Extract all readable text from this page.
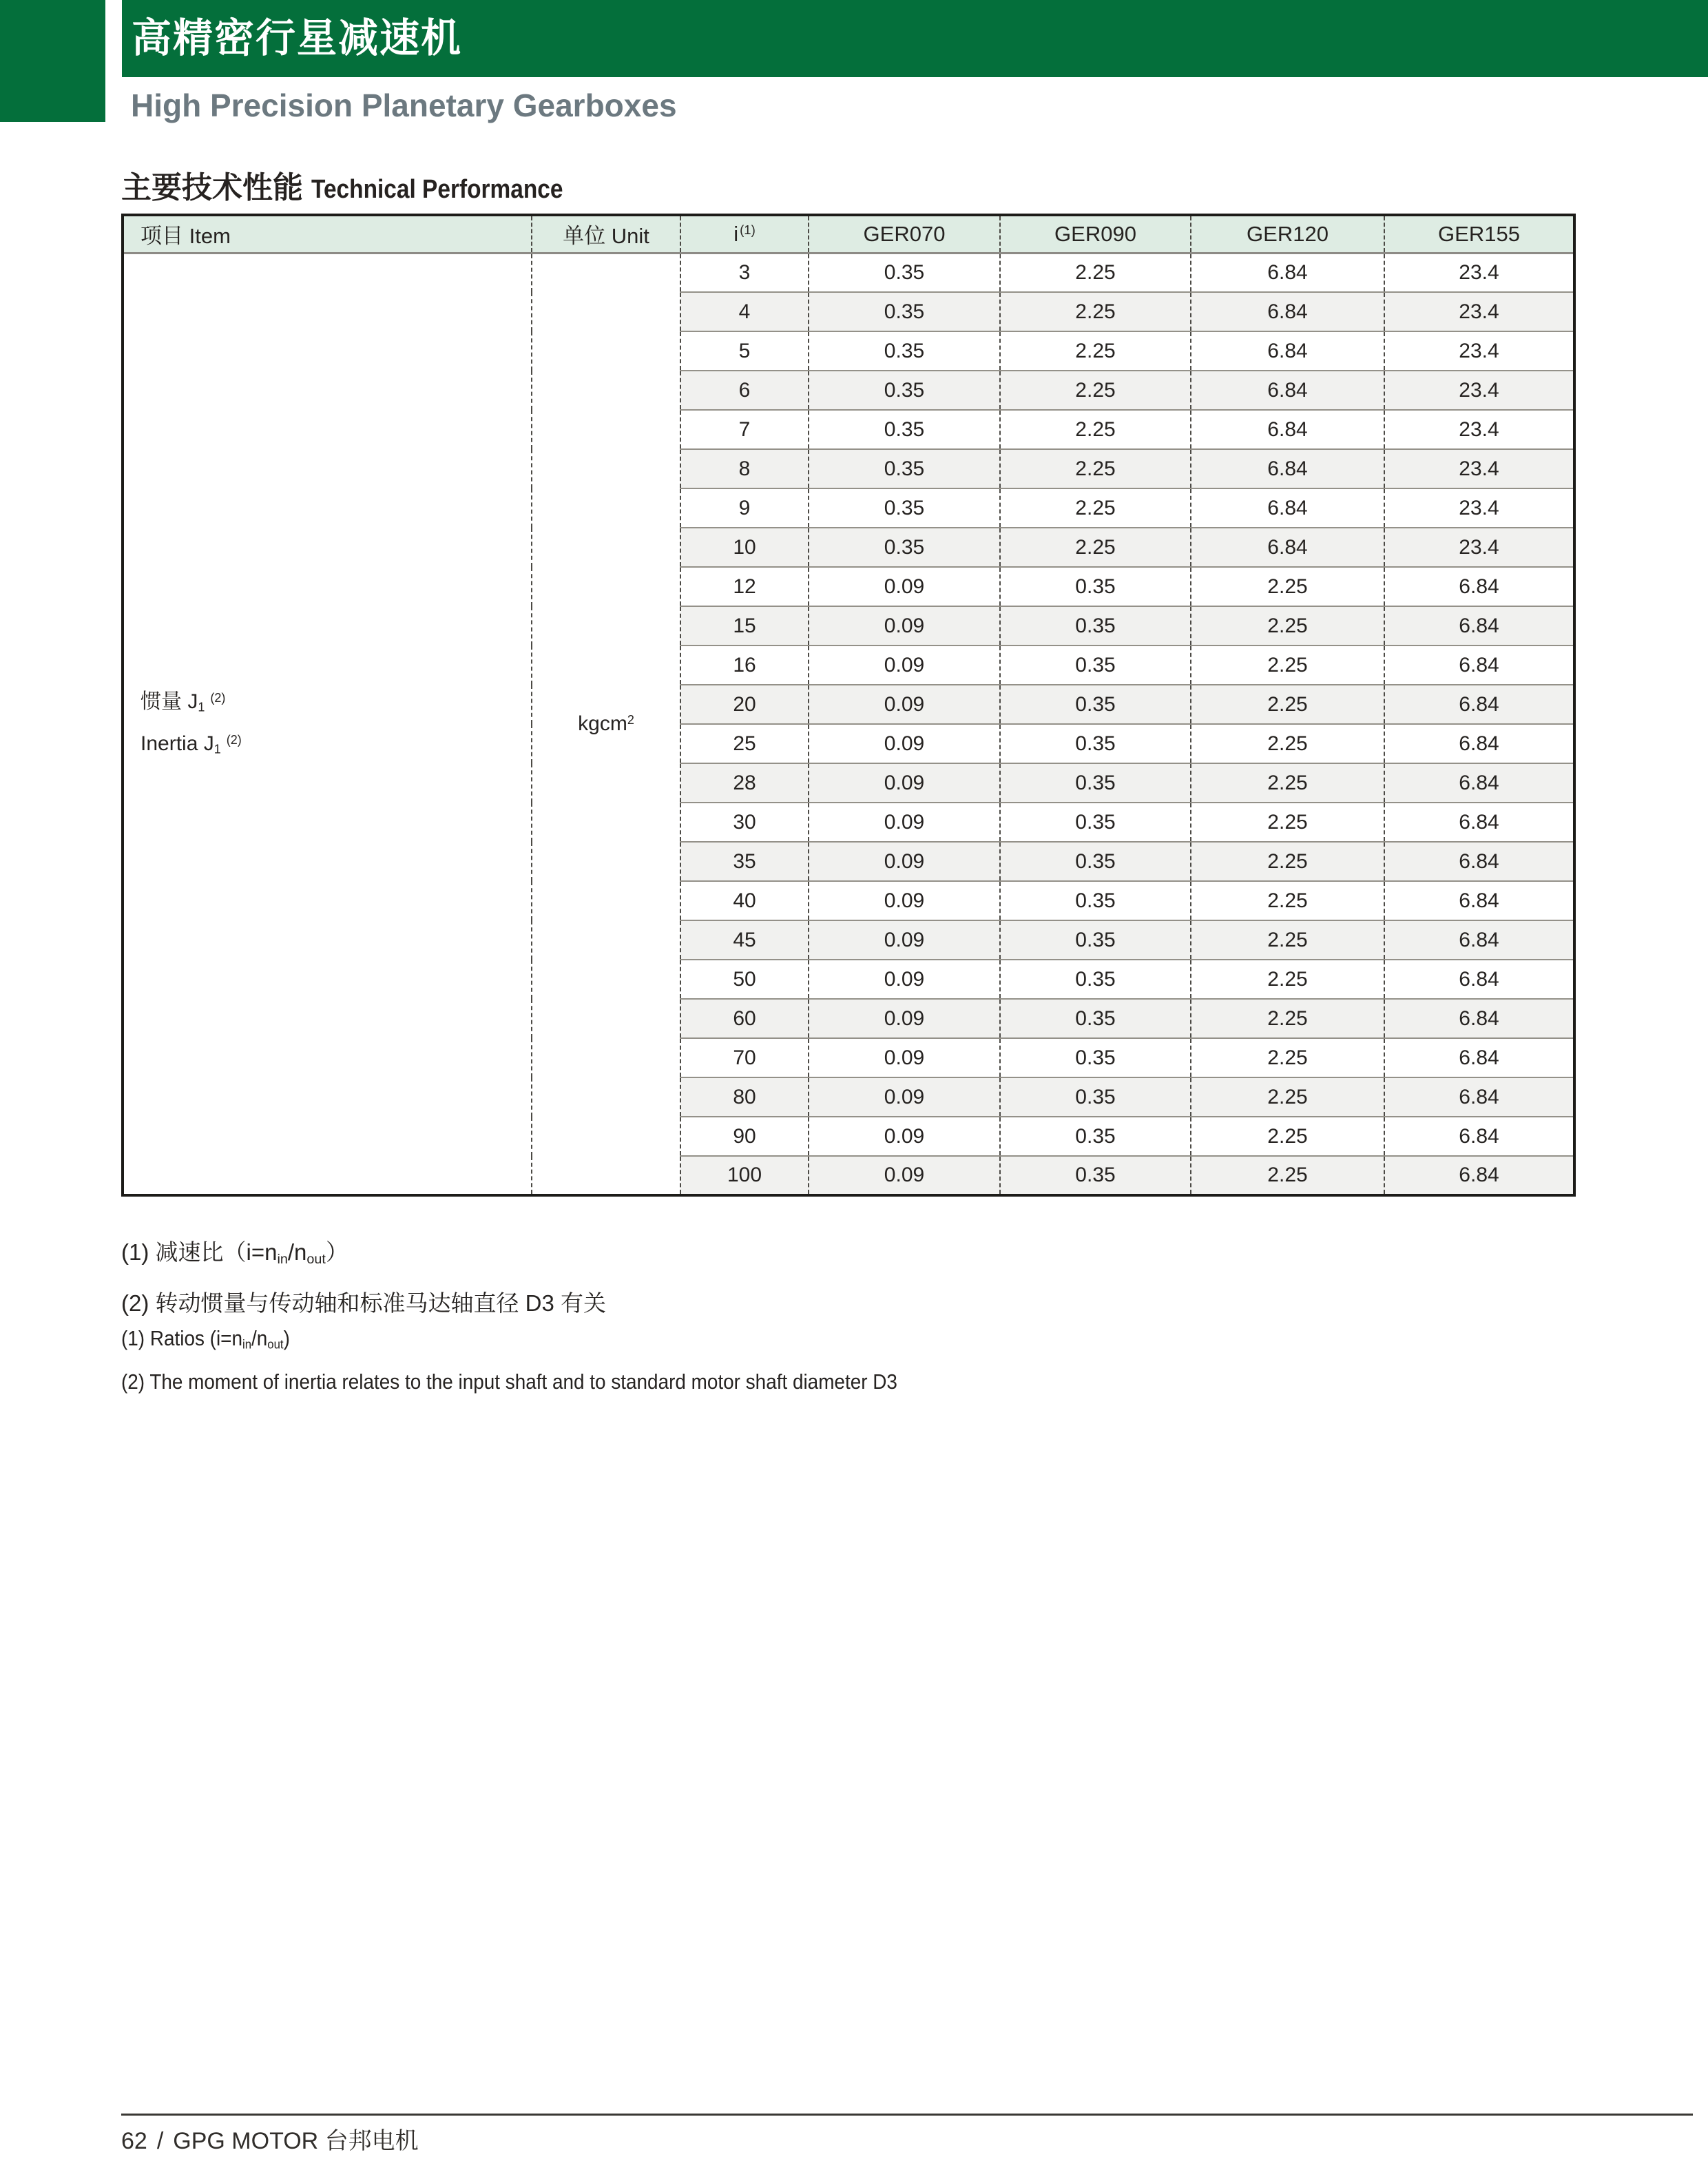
高精密行星减速机
High Precision Planetary Gearboxes
主要技术性能 Technical Performance
项目 Item	单位 Unit	i $^{(1)}$	GER070	GER090	GER120	GER155

惯量 $J_1^{(2)}$
Inertia $J_1^{(2)}$	kgcm$^2$	3	0.35	2.25	6.84	23.4
		4	0.35	2.25	6.84	23.4
		5	0.35	2.25	6.84	23.4
		6	0.35	2.25	6.84	23.4
		7	0.35	2.25	6.84	23.4
		8	0.35	2.25	6.84	23.4
		9	0.35	2.25	6.84	23.4
		10	0.35	2.25	6.84	23.4
		12	0.09	0.35	2.25	6.84
		15	0.09	0.35	2.25	6.84
		16	0.09	0.35	2.25	6.84
		20	0.09	0.35	2.25	6.84
		25	0.09	0.35	2.25	6.84
		28	0.09	0.35	2.25	6.84
		30	0.09	0.35	2.25	6.84
		35	0.09	0.35	2.25	6.84
		40	0.09	0.35	2.25	6.84
		45	0.09	0.35	2.25	6.84
		50	0.09	0.35	2.25	6.84
		60	0.09	0.35	2.25	6.84
		70	0.09	0.35	2.25	6.84
		80	0.09	0.35	2.25	6.84
		90	0.09	0.35	2.25	6.84
		100	0.09	0.35	2.25	6.84

(1) 减速比$(i=n_{in}/n_{out})$

(2) 转动惯量与传动轴和标准马达轴直径 D3 有关

(1) Ratios $(i=n_{in}/n_{out})$

(2) The moment of inertia relates to the input shaft and to standard motor shaft diameter D3

62 / GPG MOTOR 台邦电机
